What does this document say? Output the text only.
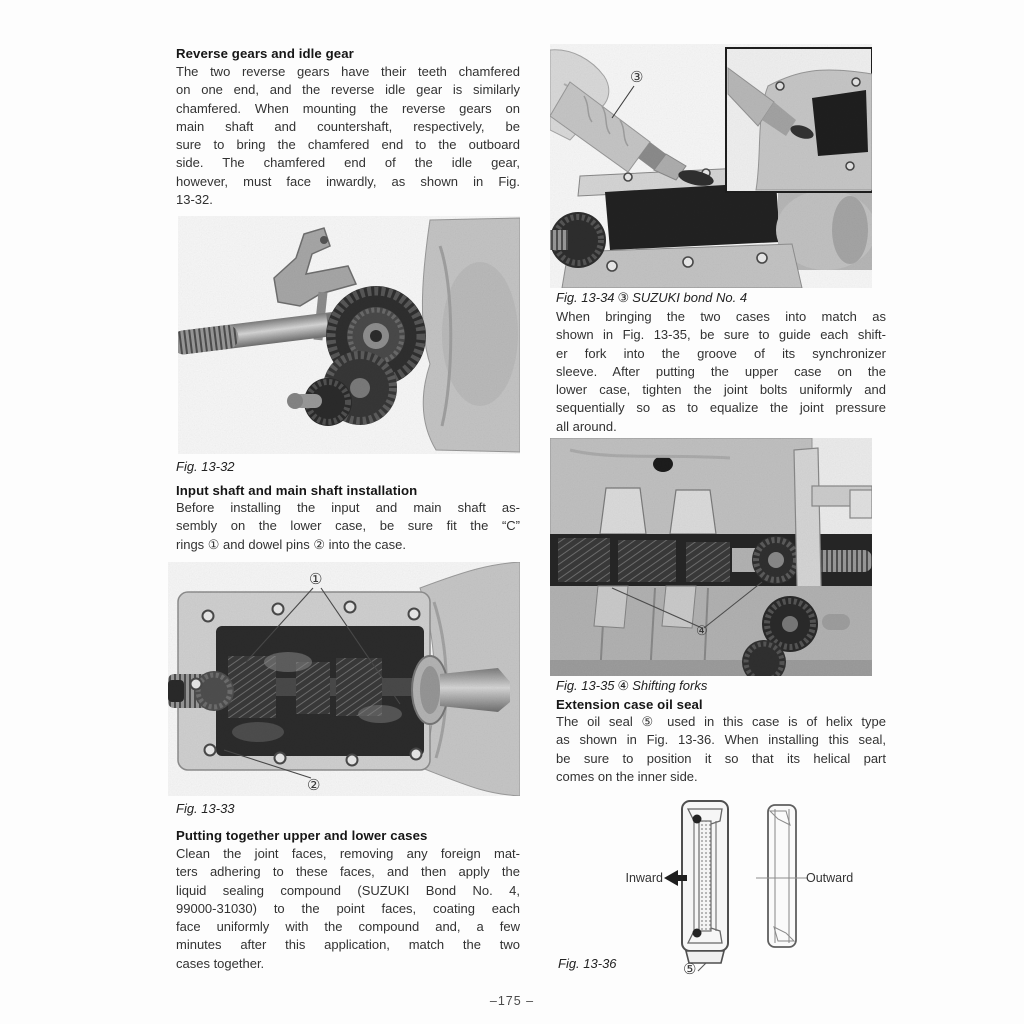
Reverse gears and idle gear
The two reverse gears have their teeth chamfered
on one end, and the reverse idle gear is similarly
chamfered. When mounting the reverse gears on
main shaft and countershaft, respectively, be
sure to bring the chamfered end to the outboard
side. The chamfered end of the idle gear,
however, must face inwardly, as shown in Fig.
13-32.
Fig. 13-32
Input shaft and main shaft installation
Before installing the input and main shaft as-
sembly on the lower case, be sure fit the “C”
rings ① and dowel pins ② into the case.
①
②
Fig. 13-33
Putting together upper and lower cases
Clean the joint faces, removing any foreign mat-
ters adhering to these faces, and then apply the
liquid sealing compound (SUZUKI Bond No. 4,
99000-31030) to the point faces, coating each
face uniformly with the compound and, a few
minutes after this application, match the two
cases together.
③
Fig. 13-34 ③ SUZUKI bond No. 4
When bringing the two cases into match as
shown in Fig. 13-35, be sure to guide each shift-
er fork into the groove of its synchronizer
sleeve. After putting the upper case on the
lower case, tighten the joint bolts uniformly and
sequentially so as to equalize the joint pressure
all around.
④
Fig. 13-35 ④ Shifting forks
Extension case oil seal
The oil seal ⑤ used in this case is of helix type
as shown in Fig. 13-36. When installing this seal,
be sure to position it so that its helical part
comes on the inner side.
Inward	Outward
⑤
Fig. 13-36
–175 –
